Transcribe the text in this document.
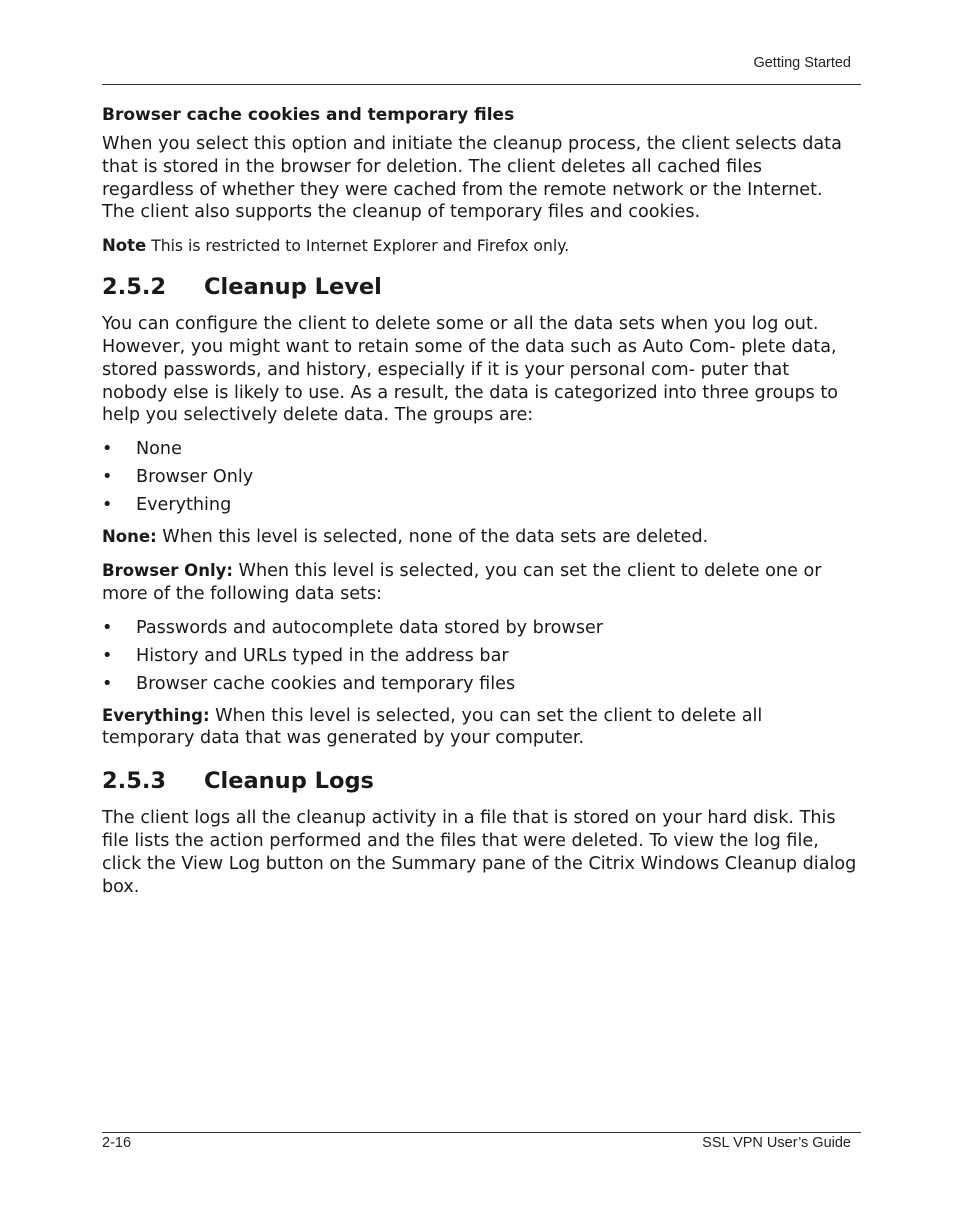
Getting Started
Browser cache cookies and temporary files

When you select this option and initiate the cleanup process, the client selects data that is stored in the browser for deletion. The client deletes all cached files regardless of whether they were cached from the remote network or the Internet. The client also supports the cleanup of temporary files and cookies.

Note This is restricted to Internet Explorer and Firefox only.

2.5.2 Cleanup Level

You can configure the client to delete some or all the data sets when you log out. However, you might want to retain some of the data such as Auto Com- plete data, stored passwords, and history, especially if it is your personal com- puter that nobody else is likely to use. As a result, the data is categorized into three groups to help you selectively delete data. The groups are:

• None
• Browser Only
• Everything

None: When this level is selected, none of the data sets are deleted.

Browser Only: When this level is selected, you can set the client to delete one or more of the following data sets:

• Passwords and autocomplete data stored by browser
• History and URLs typed in the address bar
• Browser cache cookies and temporary files

Everything: When this level is selected, you can set the client to delete all temporary data that was generated by your computer.

2.5.3 Cleanup Logs

The client logs all the cleanup activity in a file that is stored on your hard disk. This file lists the action performed and the files that were deleted. To view the log file, click the View Log button on the Summary pane of the Citrix Windows Cleanup dialog box.

2-16	SSL VPN User’s Guide
